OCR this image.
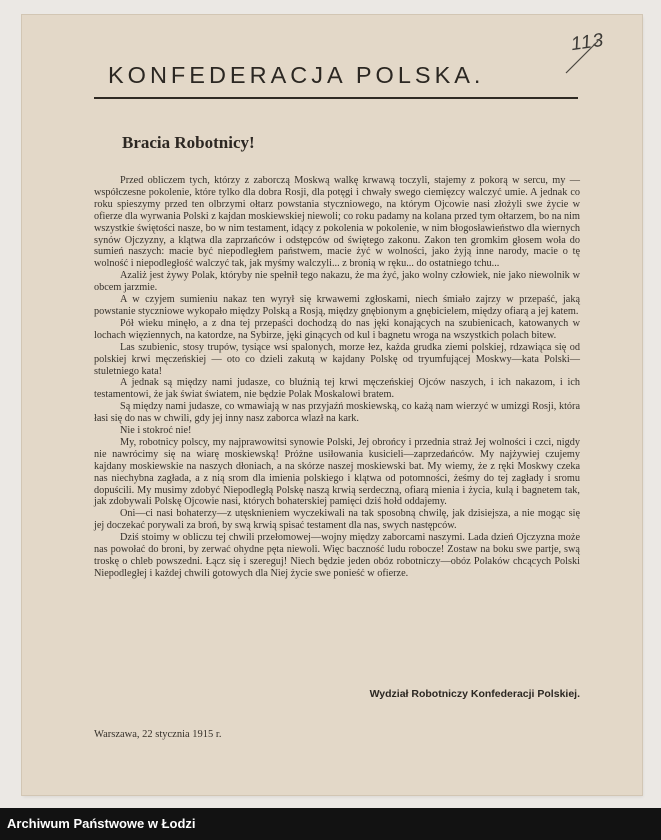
113
KONFEDERACJA POLSKA.
Bracia Robotnicy!

Przed obliczem tych, którzy z zaborczą Moskwą walkę krwawą toczyli, stajemy z pokorą w sercu, my — współczesne pokolenie, które tylko dla dobra Rosji, dla potęgi i chwały swego ciemięzcy walczyć umie. A jednak co roku spieszymy przed ten olbrzymi ołtarz powstania styczniowego, na którym Ojcowie nasi złożyli swe życie w ofierze dla wyrwania Polski z kajdan moskiewskiej niewoli; co roku padamy na kolana przed tym ołtarzem, bo na nim wszystkie świętości nasze, bo w nim testament, idący z pokolenia w pokolenie, w nim błogosławieństwo dla wiernych synów Ojczyzny, a klątwa dla zaprzańców i odstępców od świętego zakonu. Zakon ten gromkim głosem woła do sumień naszych: macie być niepodległem państwem, macie żyć w wolności, jako żyją inne narody, macie o tę wolność i niepodległość walczyć tak, jak myśmy walczyli... z bronią w ręku... do ostatniego tchu...

Azaliż jest żywy Polak, któryby nie spełnił tego nakazu, że ma żyć, jako wolny człowiek, nie jako niewolnik w obcem jarzmie.

A w czyjem sumieniu nakaz ten wyrył się krwawemi zgłoskami, niech śmiało zajrzy w przepaść, jaką powstanie styczniowe wykopało między Polską a Rosją, między gnębionym a gnębicielem, między ofiarą a jej katem.

Pół wieku minęło, a z dna tej przepaści dochodzą do nas jęki konających na szubienicach, katowanych w lochach więziennych, na katordze, na Sybirze, jęki ginących od kul i bagnetu wroga na wszystkich polach bitew.

Las szubienic, stosy trupów, tysiące wsi spalonych, morze łez, każda grudka ziemi polskiej, rdzawiąca się od polskiej krwi męczeńskiej — oto co dzieli zakutą w kajdany Polskę od tryumfującej Moskwy—kata Polski—stuletniego kata!

A jednak są między nami judasze, co bluźnią tej krwi męczeńskiej Ojców naszych, i ich nakazom, i ich testamentowi, że jak świat światem, nie będzie Polak Moskalowi bratem.

Są między nami judasze, co wmawiają w nas przyjaźń moskiewską, co każą nam wierzyć w umizgi Rosji, która łasi się do nas w chwili, gdy jej inny nasz zaborca wlazł na kark.

Nie i stokroć nie!

My, robotnicy polscy, my najprawowitsi synowie Polski, Jej obrońcy i przednia straż Jej wolności i czci, nigdy nie nawrócimy się na wiarę moskiewską! Próżne usiłowania kusicieli—zaprzedańców. My najżywiej czujemy kajdany moskiewskie na naszych dłoniach, a na skórze naszej moskiewski bat. My wiemy, że z ręki Moskwy czeka nas niechybna zagłada, a z nią srom dla imienia polskiego i klątwa od potomności, żeśmy do tej zagłady i sromu dopuścili. My musimy zdobyć Niepodległą Polskę naszą krwią serdeczną, ofiarą mienia i życia, kulą i bagnetem tak, jak zdobywali Polskę Ojcowie nasi, których bohaterskiej pamięci dziś hołd oddajemy.

Oni—ci nasi bohaterzy—z utęsknieniem wyczekiwali na tak sposobną chwilę, jak dzisiejsza, a nie mogąc się jej doczekać porywali za broń, by swą krwią spisać testament dla nas, swych następców.

Dziś stoimy w obliczu tej chwili przełomowej—wojny między zaborcami naszymi. Lada dzień Ojczyzna może nas powołać do broni, by zerwać ohydne pęta niewoli. Więc baczność ludu robocze! Zostaw na boku swe partje, swą troskę o chleb powszedni. Łącz się i szereguj! Niech będzie jeden obóz robotniczy—obóz Polaków chcących Polski Niepodległej i każdej chwili gotowych dla Niej życie swe ponieść w ofierze.

Wydział Robotniczy Konfederacji Polskiej.
Warszawa, 22 stycznia 1915 r.
Archiwum Państwowe w Łodzi
